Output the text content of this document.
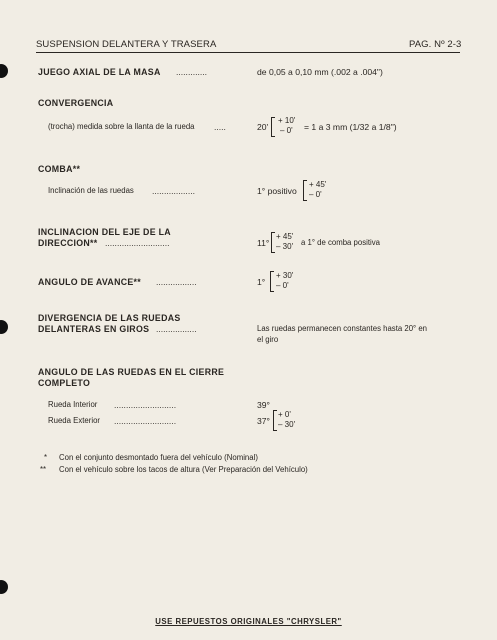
SUSPENSION DELANTERA Y TRASERA	PAG. Nº 2-3
JUEGO AXIAL DE LA MASA .............	de 0,05 a 0,10 mm (.002 a .004")
CONVERGENCIA
(trocha) medida sobre la llanta de la rueda .....	20'
+ 10'
– 0' = 1 a 3 mm (1/32 a 1/8")
COMBA**
Inclinación de las ruedas ..................	1° positivo
+ 45'
– 0'
INCLINACION DEL EJE DE LA
DIRECCION** ...........................	11°
+ 45'
– 30' a 1° de comba positiva
ANGULO DE AVANCE** .................	1°
+ 30'
– 0'
DIVERGENCIA DE LAS RUEDAS
DELANTERAS EN GIROS .................	Las ruedas permanecen constantes hasta 20° en
el giro
ANGULO DE LAS RUEDAS EN EL CIERRE
COMPLETO
Rueda Interior ..........................	39°
Rueda Exterior ..........................	37°
+ 0'
– 30'
* Con el conjunto desmontado fuera del vehículo (Nominal)
** Con el vehículo sobre los tacos de altura (Ver Preparación del Vehículo)
USE REPUESTOS ORIGINALES "CHRYSLER"
